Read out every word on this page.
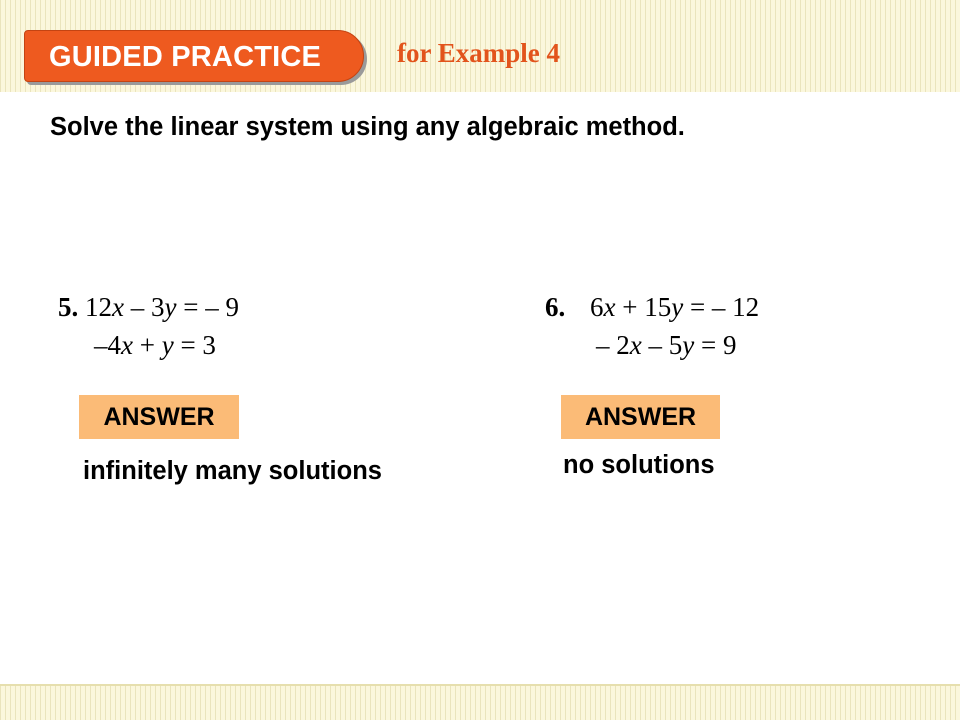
GUIDED PRACTICE	for Example 4
Solve the linear system using any algebraic method.
5. 12x – 3y = – 9
–4x + y = 3
ANSWER
infinitely many solutions
6. 6x + 15y = – 12
– 2x – 5y = 9
ANSWER
no solutions
